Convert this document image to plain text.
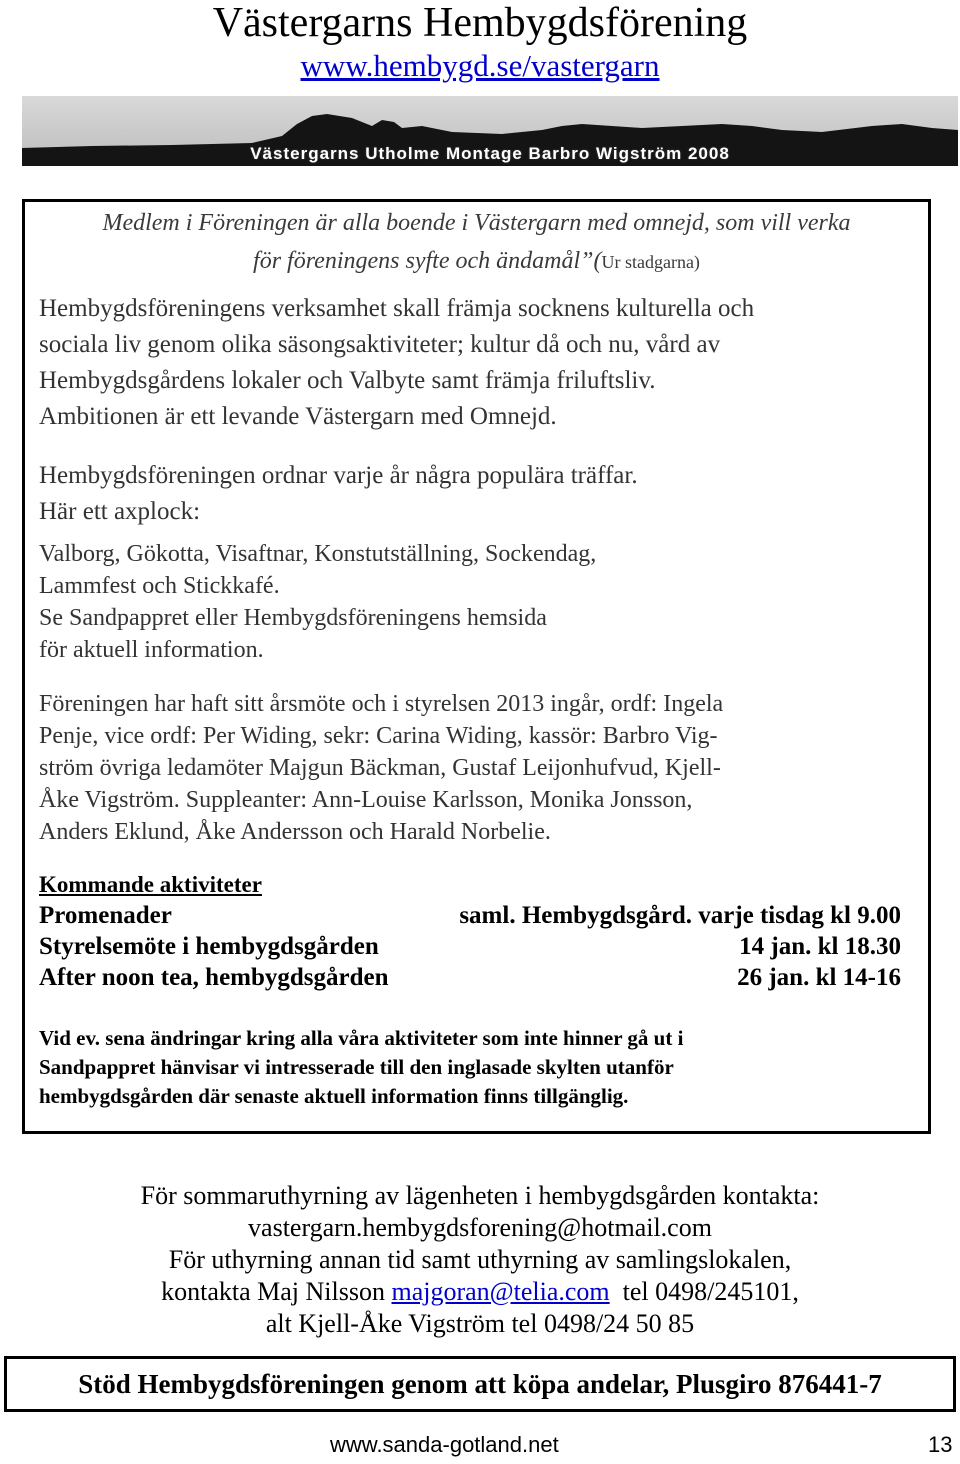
Västergarns Hembygdsförening
www.hembygd.se/vastergarn
Västergarns Utholme Montage Barbro Wigström 2008
Medlem i Föreningen är alla boende i Västergarn med omnejd, som vill verka
för föreningens syfte och ändamål”(Ur stadgarna)
Hembygdsföreningens verksamhet skall främja socknens kulturella och
sociala liv genom olika säsongsaktiviteter; kultur då och nu, vård av
Hembygdsgårdens lokaler och Valbyte samt främja friluftsliv.
Ambitionen är ett levande Västergarn med Omnejd.
Hembygdsföreningen ordnar varje år några populära träffar.
Här ett axplock:
Valborg, Gökotta, Visaftnar, Konstutställning, Sockendag,
Lammfest och Stickkafé.
Se Sandpappret eller Hembygdsföreningens hemsida
för aktuell information.
Föreningen har haft sitt årsmöte och i styrelsen 2013 ingår, ordf: Ingela
Penje, vice ordf: Per Widing, sekr: Carina Widing, kassör: Barbro Vig-
ström övriga ledamöter Majgun Bäckman, Gustaf Leijonhufvud, Kjell-
Åke Vigström. Suppleanter: Ann-Louise Karlsson, Monika Jonsson,
Anders Eklund, Åke Andersson och Harald Norbelie.
Kommande aktiviteter
Promenader	saml. Hembygdsgård. varje tisdag kl 9.00
Styrelsemöte i hembygdsgården	14 jan. kl 18.30
After noon tea, hembygdsgården	26 jan. kl 14-16
Vid ev. sena ändringar kring alla våra aktiviteter som inte hinner gå ut i
Sandpappret hänvisar vi intresserade till den inglasade skylten utanför
hembygdsgården där senaste aktuell information finns tillgänglig.
För sommaruthyrning av lägenheten i hembygdsgården kontakta:
vastergarn.hembygdsforening@hotmail.com
För uthyrning annan tid samt uthyrning av samlingslokalen,
kontakta Maj Nilsson majgoran@telia.com  tel 0498/245101,
alt Kjell-Åke Vigström tel 0498/24 50 85
Stöd Hembygdsföreningen genom att köpa andelar, Plusgiro 876441-7
www.sanda-gotland.net	13
